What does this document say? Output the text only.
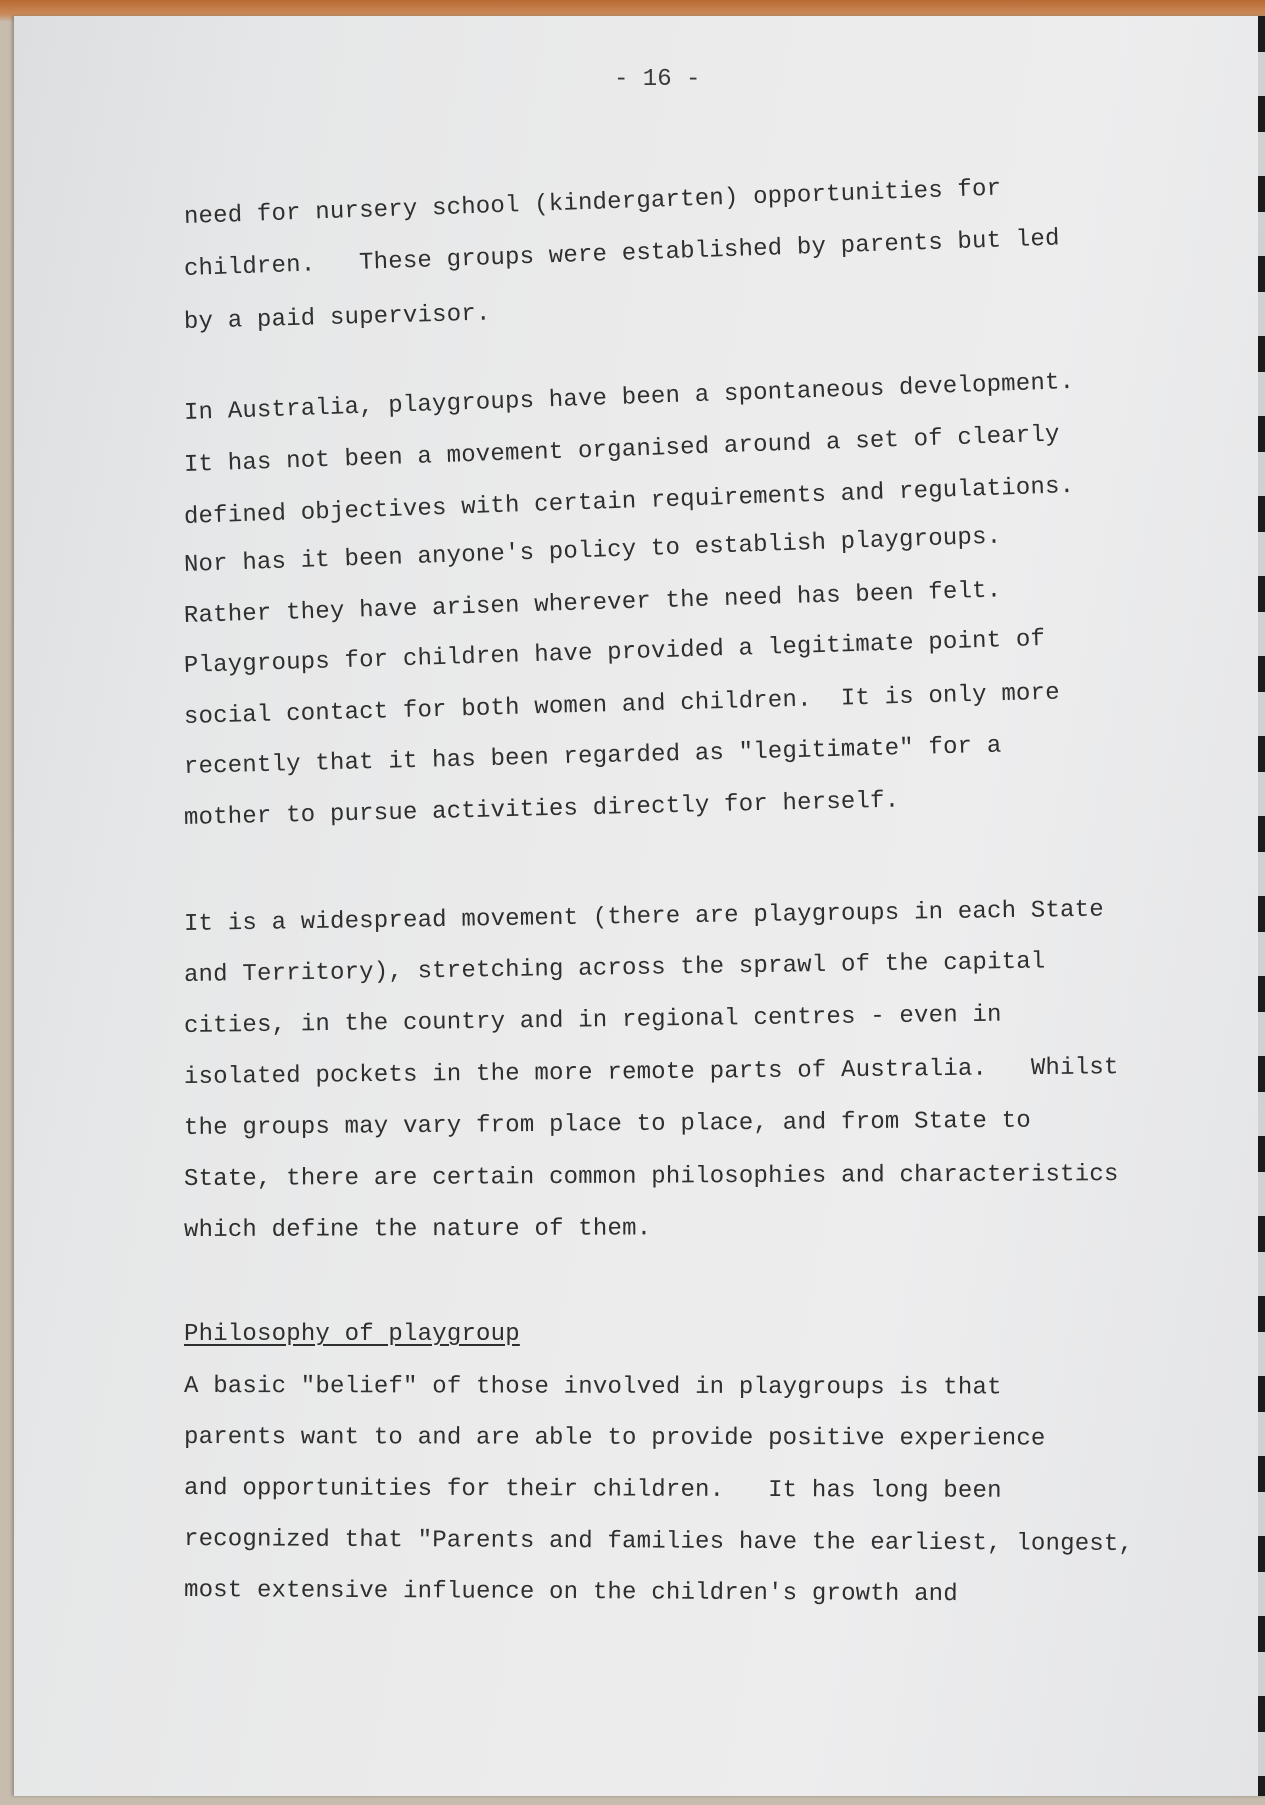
- 16 -
need for nursery school (kindergarten) opportunities for
children.   These groups were established by parents but led
by a paid supervisor.
In Australia, playgroups have been a spontaneous development.
It has not been a movement organised around a set of clearly
defined objectives with certain requirements and regulations.
Nor has it been anyone's policy to establish playgroups.
Rather they have arisen wherever the need has been felt.
Playgroups for children have provided a legitimate point of
social contact for both women and children.  It is only more
recently that it has been regarded as "legitimate" for a
mother to pursue activities directly for herself.
It is a widespread movement (there are playgroups in each State
and Territory), stretching across the sprawl of the capital
cities, in the country and in regional centres - even in
isolated pockets in the more remote parts of Australia.   Whilst
the groups may vary from place to place, and from State to
State, there are certain common philosophies and characteristics
which define the nature of them.
Philosophy of playgroup
A basic "belief" of those involved in playgroups is that
parents want to and are able to provide positive experience
and opportunities for their children.   It has long been
recognized that "Parents and families have the earliest, longest,
most extensive influence on the children's growth and
